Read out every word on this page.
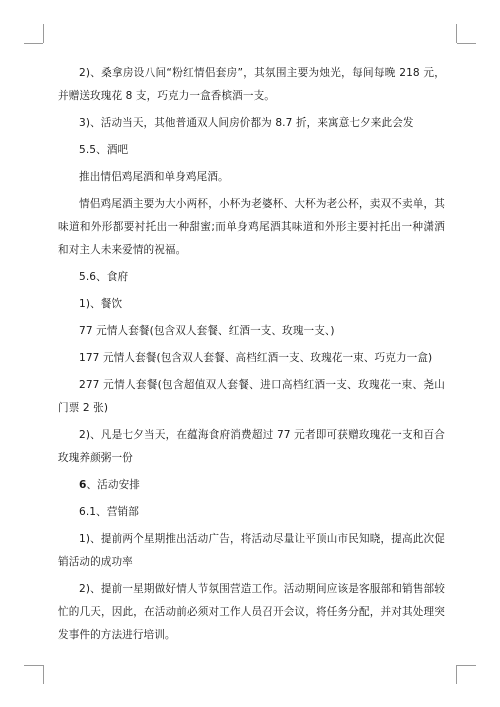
2)、桑拿房设八间“粉红情侣套房”，其氛围主要为烛光，每间每晚 218 元，并赠送玫瑰花 8 支，巧克力一盒香槟酒一支。

3)、活动当天，其他普通双人间房价都为 8.7 折，来寓意七夕来此会发

5.5、酒吧

推出情侣鸡尾酒和单身鸡尾酒。

情侣鸡尾酒主要为大小两杯，小杯为老婆杯、大杯为老公杯，卖双不卖单，其味道和外形都要衬托出一种甜蜜;而单身鸡尾酒其味道和外形主要衬托出一种潇洒和对主人未来爱情的祝福。

5.6、食府

1)、餐饮

77 元情人套餐(包含双人套餐、红酒一支、玫瑰一支、)

177 元情人套餐(包含双人套餐、高档红酒一支、玫瑰花一束、巧克力一盒)

277 元情人套餐(包含超值双人套餐、进口高档红酒一支、玫瑰花一束、尧山门票 2 张)

2)、凡是七夕当天，在蕴海食府消费超过 77 元者即可获赠玫瑰花一支和百合玫瑰养颜粥一份

6、活动安排

6.1、营销部

1)、提前两个星期推出活动广告，将活动尽量让平顶山市民知晓，提高此次促销活动的成功率

2)、提前一星期做好情人节氛围营造工作。活动期间应该是客服部和销售部较忙的几天，因此，在活动前必须对工作人员召开会议，将任务分配，并对其处理突发事件的方法进行培训。
